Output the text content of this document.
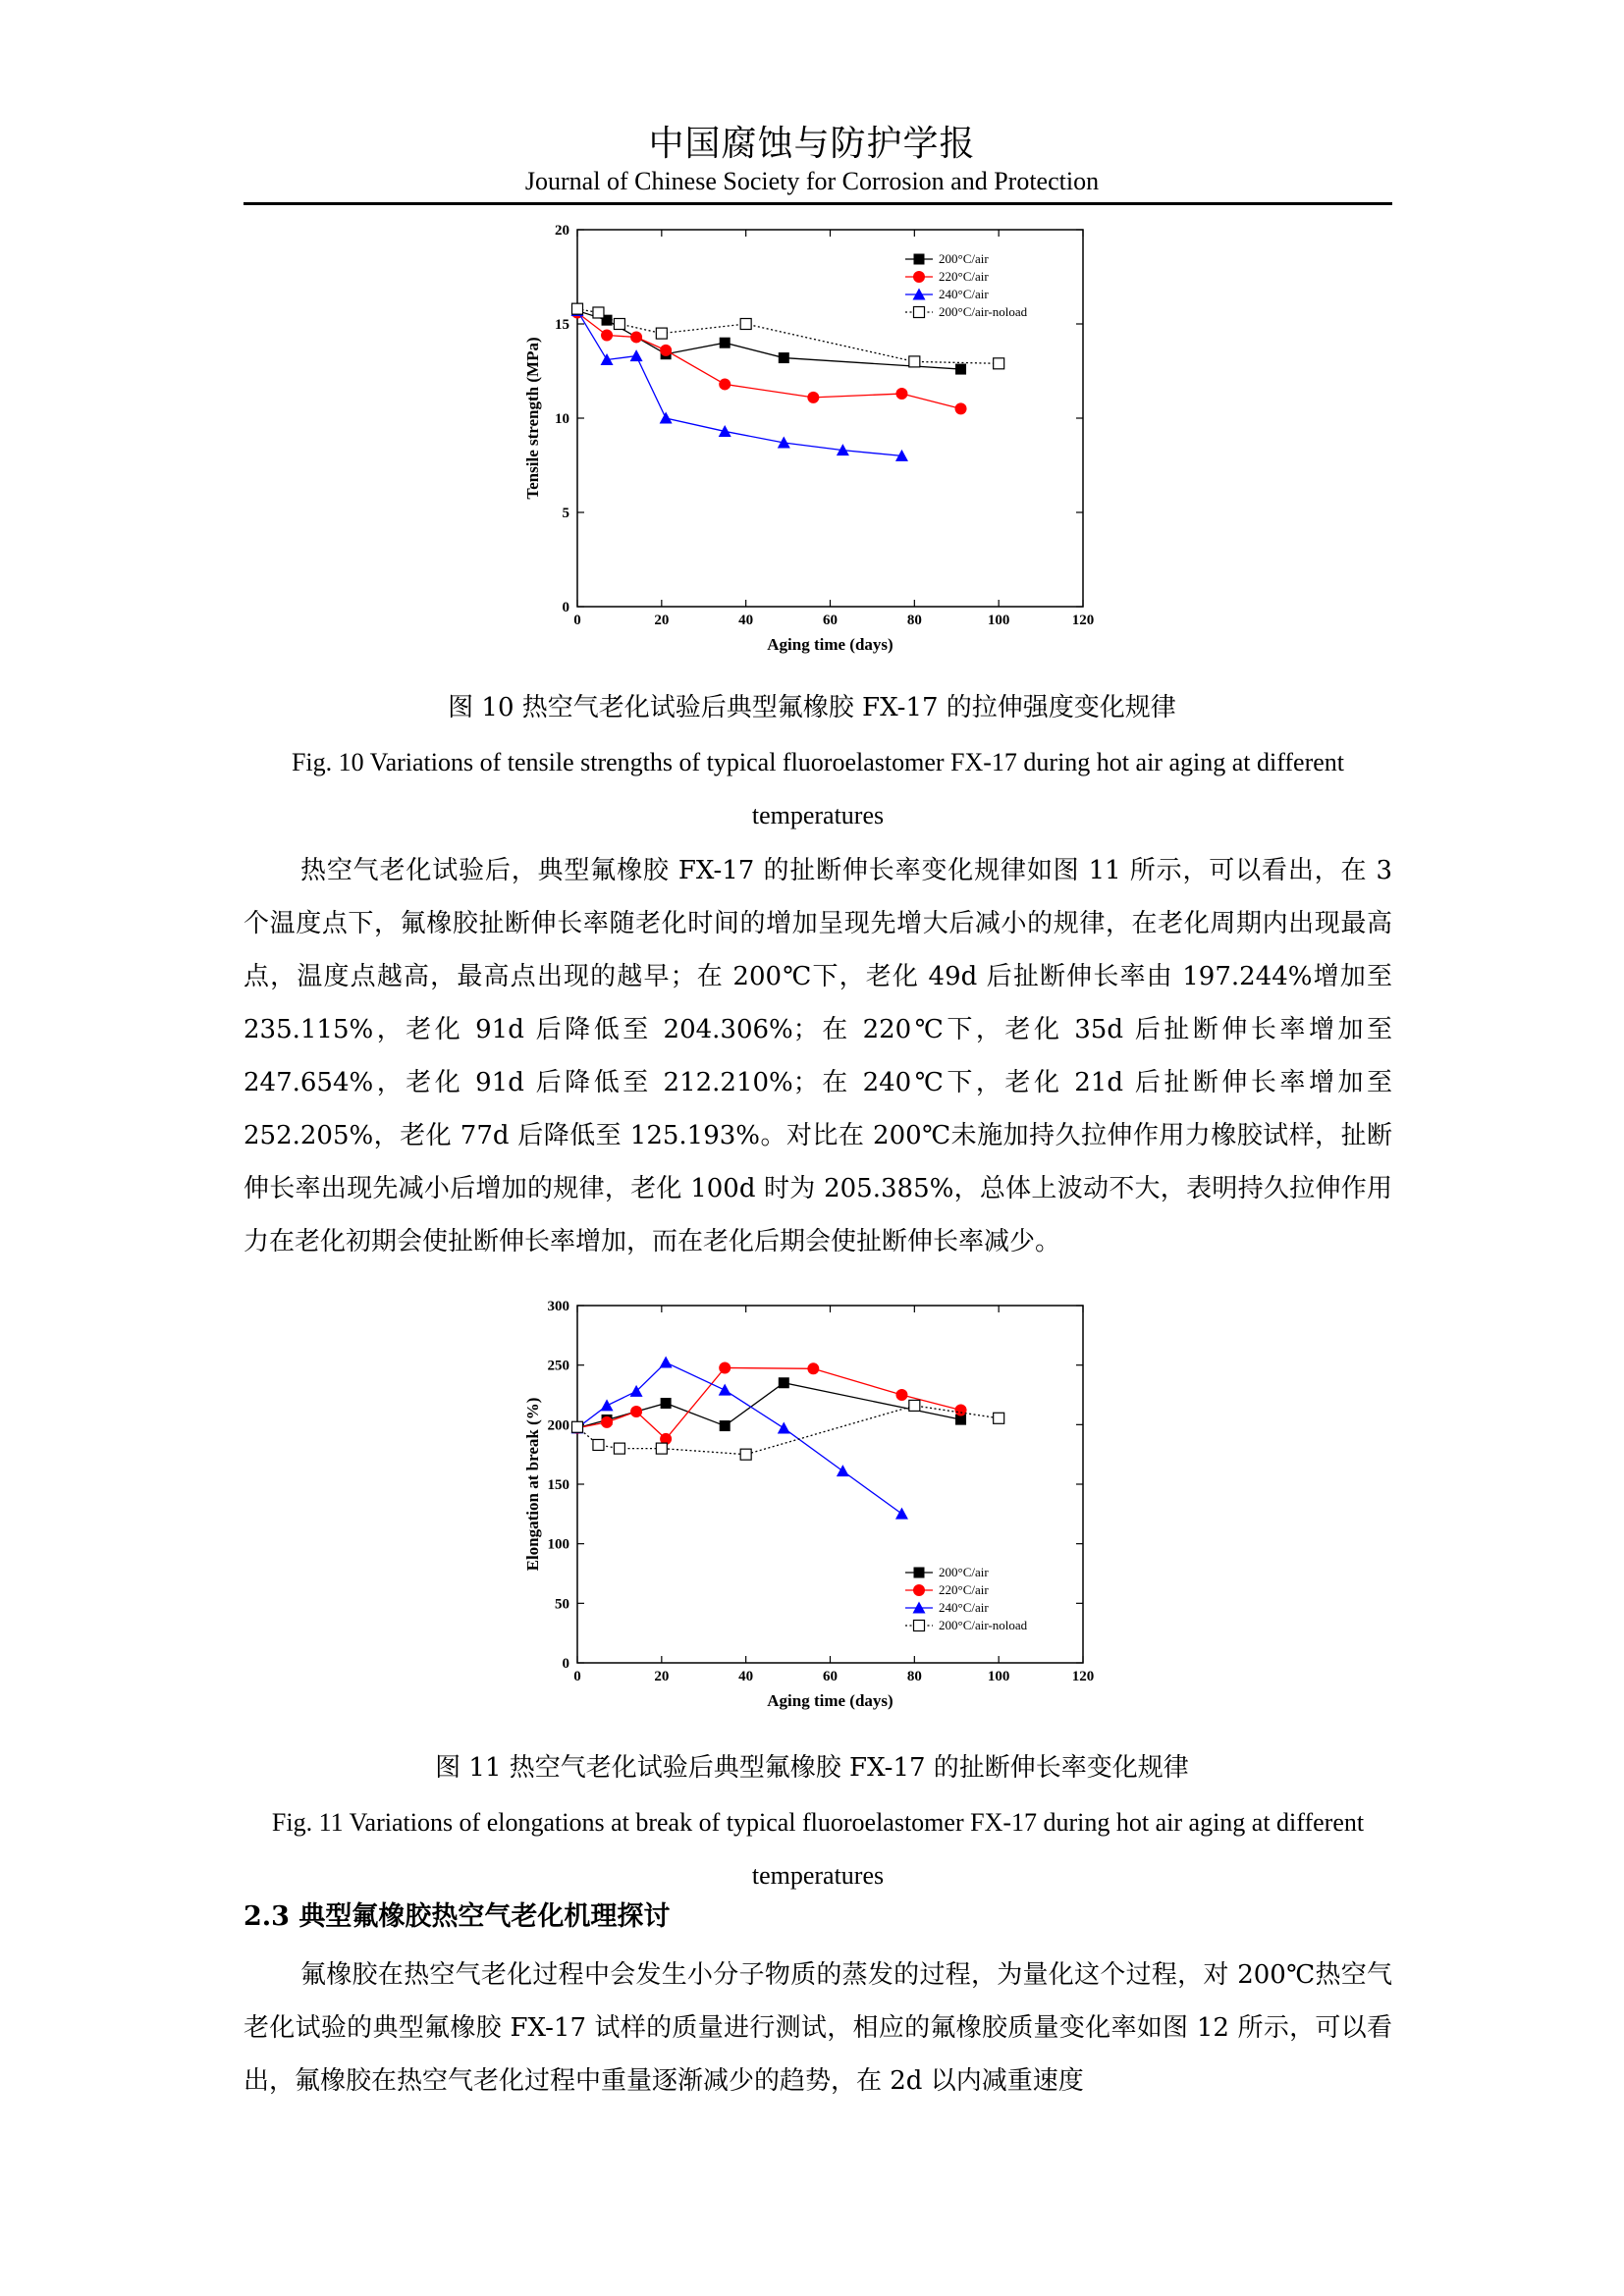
中国腐蚀与防护学报
Journal of Chinese Society for Corrosion and Protection
0	20	40	60	80	100	120
0
5
10
15
20
Aging time (days)
Tensile strength (MPa)
200°C/air
220°C/air
240°C/air
200°C/air-noload
图 10 热空气老化试验后典型氟橡胶 FX-17 的拉伸强度变化规律
Fig. 10 Variations of tensile strengths of typical fluoroelastomer FX-17 during hot air aging at different temperatures
热空气老化试验后，典型氟橡胶 FX-17 的扯断伸长率变化规律如图 11 所示，可以看出，在 3 个温度点下，氟橡胶扯断伸长率随老化时间的增加呈现先增大后减小的规律，在老化周期内出现最高点，温度点越高，最高点出现的越早；在 200℃下，老化 49d 后扯断伸长率由 197.244%增加至 235.115%，老化 91d 后降低至 204.306%；在 220℃下，老化 35d 后扯断伸长率增加至 247.654%，老化 91d 后降低至 212.210%；在 240℃下，老化 21d 后扯断伸长率增加至 252.205%，老化 77d 后降低至 125.193%。对比在 200℃未施加持久拉伸作用力橡胶试样，扯断伸长率出现先减小后增加的规律，老化 100d 时为 205.385%，总体上波动不大，表明持久拉伸作用力在老化初期会使扯断伸长率增加，而在老化后期会使扯断伸长率减少。
0	20	40	60	80	100	120
0
50
100
150
200
250
300
Aging time (days)
Elongation at break (%)
200°C/air
220°C/air
240°C/air
200°C/air-noload
图 11 热空气老化试验后典型氟橡胶 FX-17 的扯断伸长率变化规律
Fig. 11 Variations of elongations at break of typical fluoroelastomer FX-17 during hot air aging at different temperatures
2.3 典型氟橡胶热空气老化机理探讨
氟橡胶在热空气老化过程中会发生小分子物质的蒸发的过程，为量化这个过程，对 200℃热空气老化试验的典型氟橡胶 FX-17 试样的质量进行测试，相应的氟橡胶质量变化率如图 12 所示，可以看出，氟橡胶在热空气老化过程中重量逐渐减少的趋势，在 2d 以内减重速度
